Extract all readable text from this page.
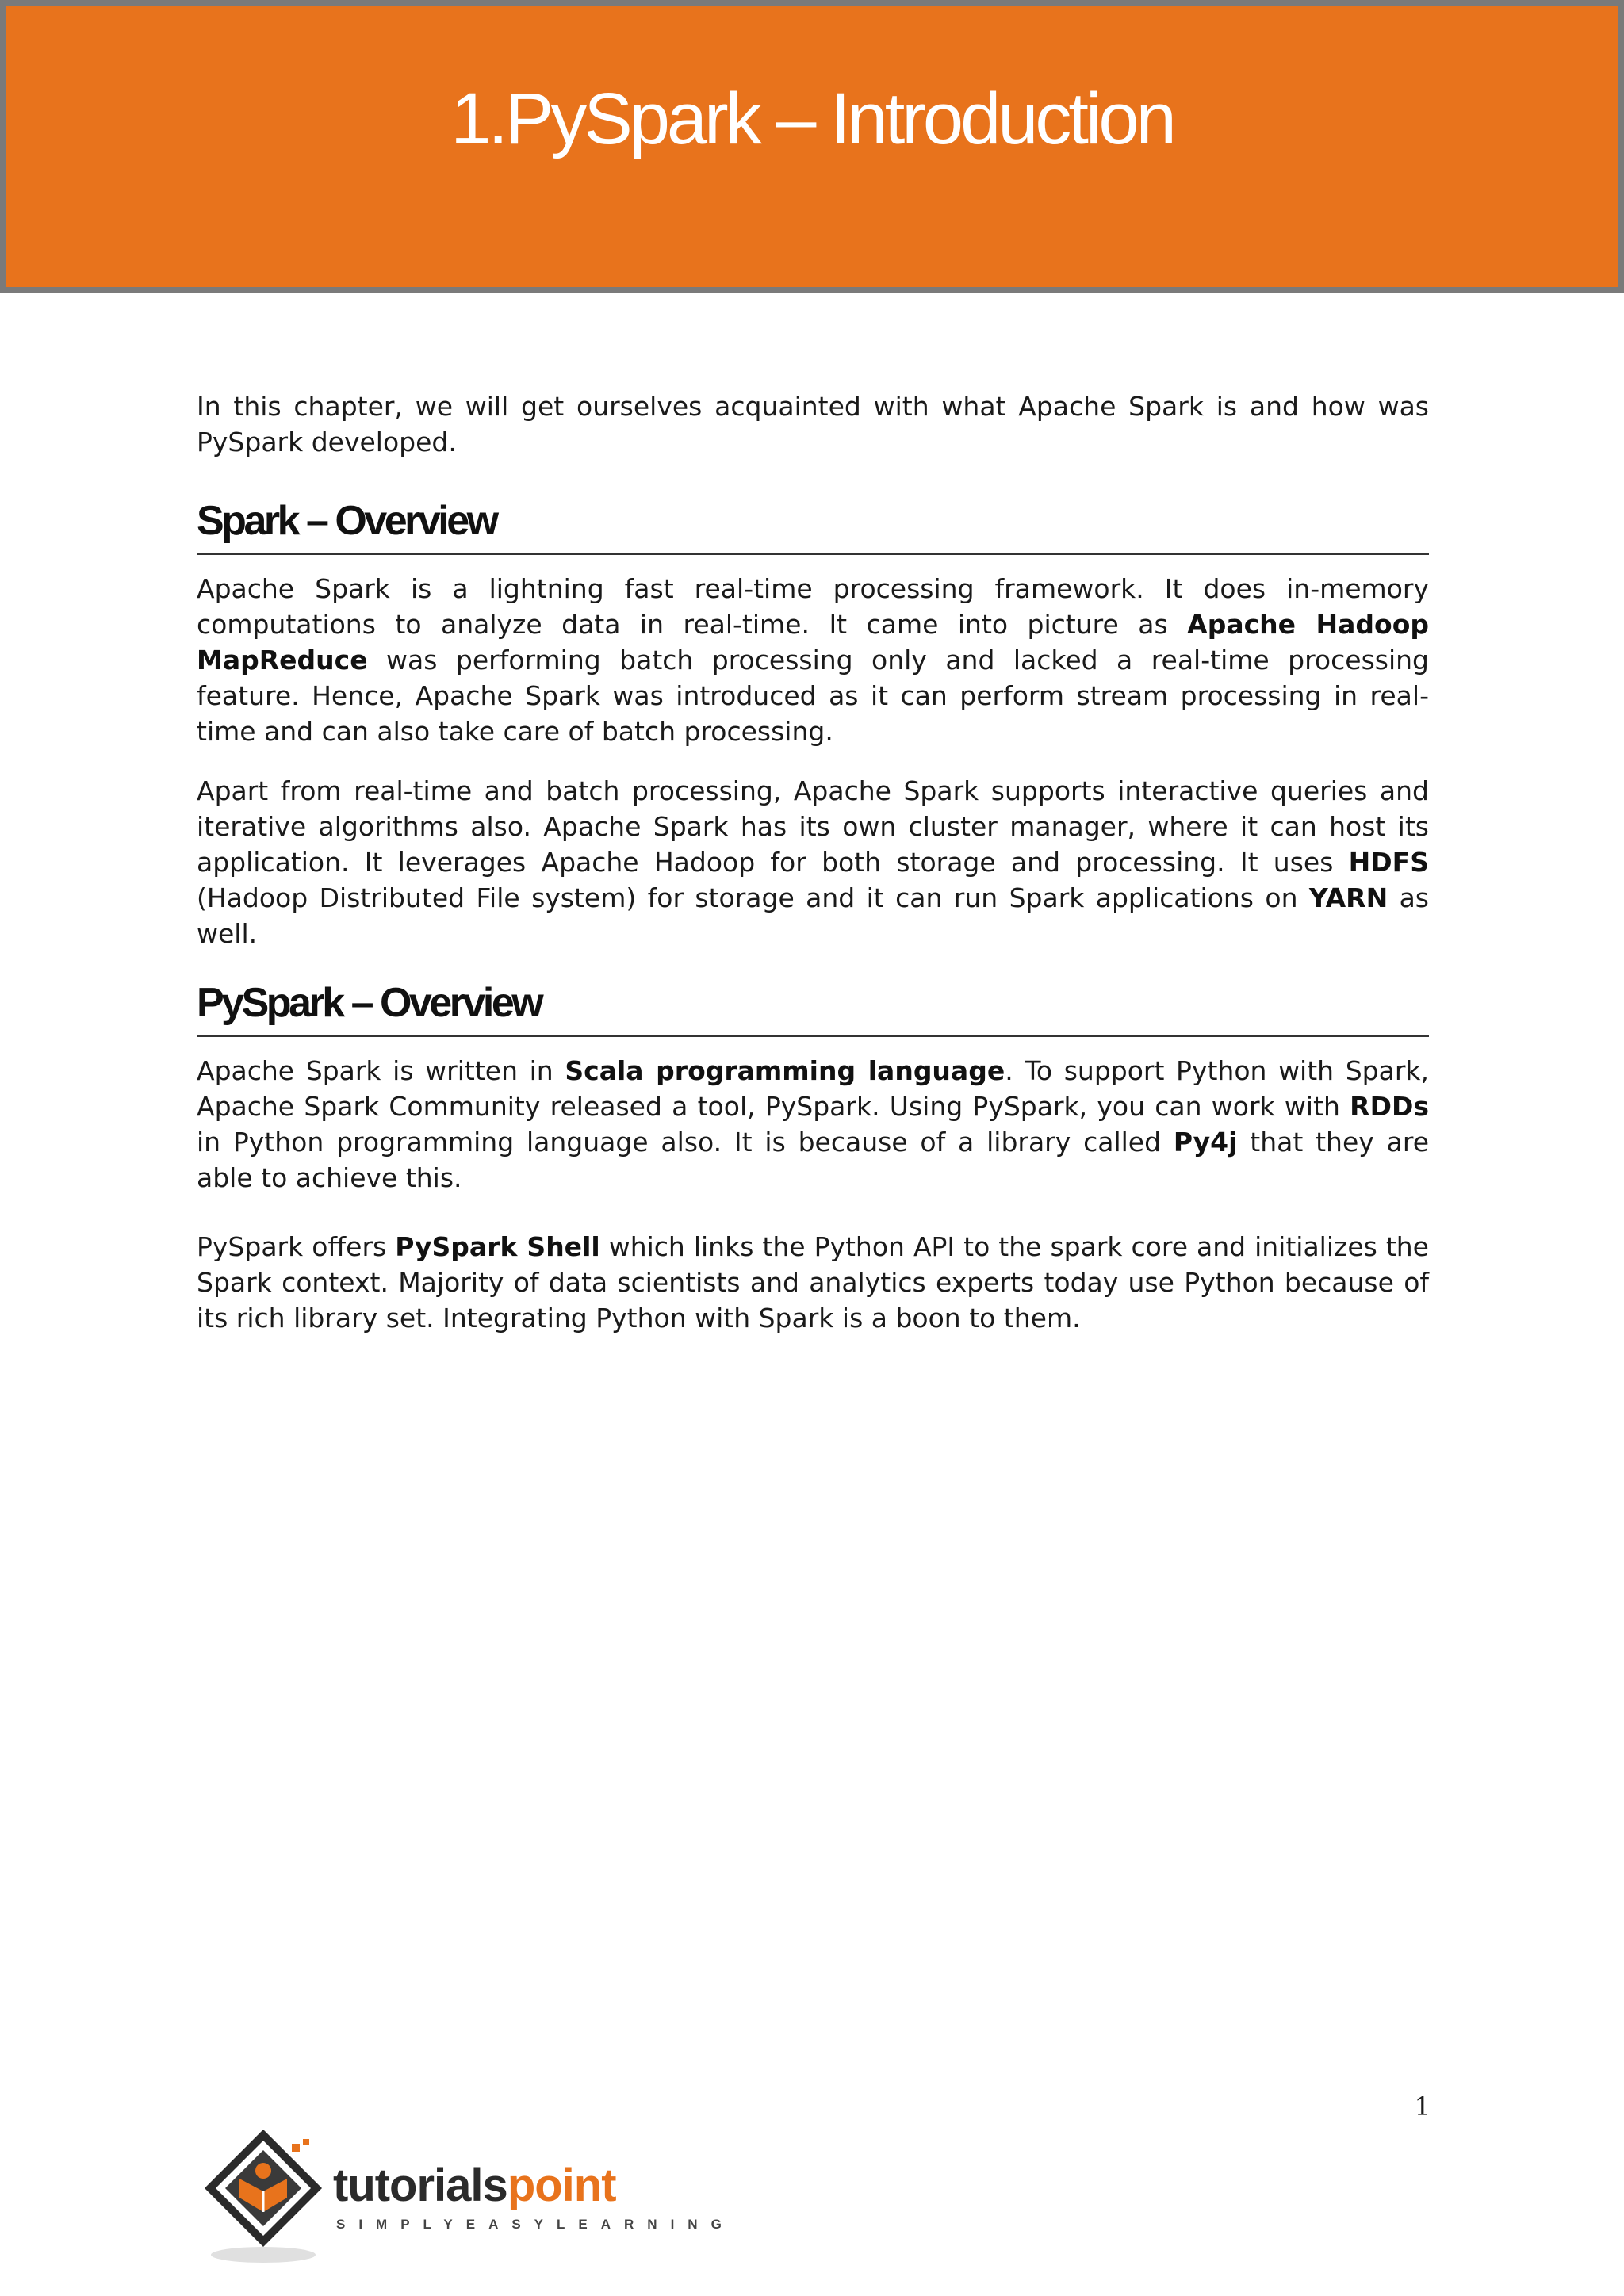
1.PySpark – Introduction

In this chapter, we will get ourselves acquainted with what Apache Spark is and how was PySpark developed.

Spark – Overview

Apache Spark is a lightning fast real-time processing framework. It does in-memory computations to analyze data in real-time. It came into picture as Apache Hadoop MapReduce was performing batch processing only and lacked a real-time processing feature. Hence, Apache Spark was introduced as it can perform stream processing in real-time and can also take care of batch processing.

Apart from real-time and batch processing, Apache Spark supports interactive queries and iterative algorithms also. Apache Spark has its own cluster manager, where it can host its application. It leverages Apache Hadoop for both storage and processing. It uses HDFS (Hadoop Distributed File system) for storage and it can run Spark applications on YARN as well.

PySpark – Overview

Apache Spark is written in Scala programming language. To support Python with Spark, Apache Spark Community released a tool, PySpark. Using PySpark, you can work with RDDs in Python programming language also. It is because of a library called Py4j that they are able to achieve this.

PySpark offers PySpark Shell which links the Python API to the spark core and initializes the Spark context. Majority of data scientists and analytics experts today use Python because of its rich library set. Integrating Python with Spark is a boon to them.

1
tutorialspoint
SIMPLYEASYLEARNING
